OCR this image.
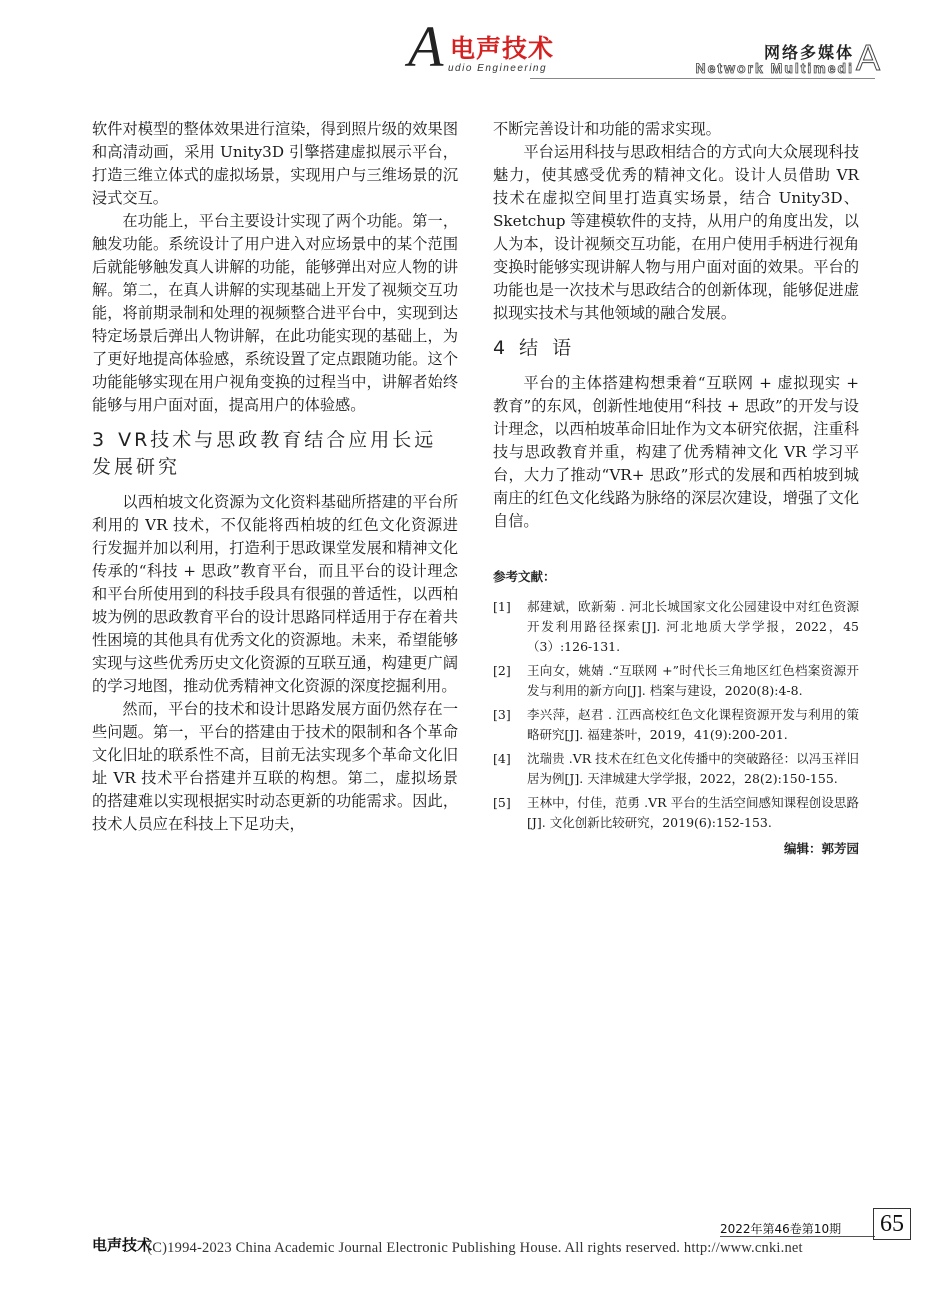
A 电声技术
udio Engineering
网络多媒体
Network Multimedi A

软件对模型的整体效果进行渲染，得到照片级的效果图和高清动画，采用 Unity3D 引擎搭建虚拟展示平台，打造三维立体式的虚拟场景，实现用户与三维场景的沉浸式交互。

在功能上，平台主要设计实现了两个功能。第一，触发功能。系统设计了用户进入对应场景中的某个范围后就能够触发真人讲解的功能，能够弹出对应人物的讲解。第二，在真人讲解的实现基础上开发了视频交互功能，将前期录制和处理的视频整合进平台中，实现到达特定场景后弹出人物讲解，在此功能实现的基础上，为了更好地提高体验感，系统设置了定点跟随功能。这个功能能够实现在用户视角变换的过程当中，讲解者始终能够与用户面对面，提高用户的体验感。

3 VR技术与思政教育结合应用长远发展研究

以西柏坡文化资源为文化资料基础所搭建的平台所利用的 VR 技术，不仅能将西柏坡的红色文化资源进行发掘并加以利用，打造利于思政课堂发展和精神文化传承的“科技 + 思政”教育平台，而且平台的设计理念和平台所使用到的科技手段具有很强的普适性，以西柏坡为例的思政教育平台的设计思路同样适用于存在着共性困境的其他具有优秀文化的资源地。未来，希望能够实现与这些优秀历史文化资源的互联互通，构建更广阔的学习地图，推动优秀精神文化资源的深度挖掘利用。

然而，平台的技术和设计思路发展方面仍然存在一些问题。第一，平台的搭建由于技术的限制和各个革命文化旧址的联系性不高，目前无法实现多个革命文化旧址 VR 技术平台搭建并互联的构想。第二，虚拟场景的搭建难以实现根据实时动态更新的功能需求。因此，技术人员应在科技上下足功夫，

不断完善设计和功能的需求实现。

平台运用科技与思政相结合的方式向大众展现科技魅力，使其感受优秀的精神文化。设计人员借助 VR 技术在虚拟空间里打造真实场景，结合 Unity3D、Sketchup 等建模软件的支持，从用户的角度出发，以人为本，设计视频交互功能，在用户使用手柄进行视角变换时能够实现讲解人物与用户面对面的效果。平台的功能也是一次技术与思政结合的创新体现，能够促进虚拟现实技术与其他领域的融合发展。

4 结语

平台的主体搭建构想秉着“互联网 + 虚拟现实 + 教育”的东风，创新性地使用“科技 + 思政”的开发与设计理念，以西柏坡革命旧址作为文本研究依据，注重科技与思政教育并重，构建了优秀精神文化 VR 学习平台，大力了推动“VR+ 思政”形式的发展和西柏坡到城南庄的红色文化线路为脉络的深层次建设，增强了文化自信。

参考文献：
[1]	郝建斌，欧新菊 . 河北长城国家文化公园建设中对红色资源开发利用路径探索[J]. 河北地质大学学报，2022，45（3）:126-131.
[2]	王向女，姚婧 .“互联网 +”时代长三角地区红色档案资源开发与利用的新方向[J]. 档案与建设，2020(8):4-8.
[3]	李兴萍，赵君 . 江西高校红色文化课程资源开发与利用的策略研究[J]. 福建茶叶，2019，41(9):200-201.
[4]	沈瑞贵 .VR 技术在红色文化传播中的突破路径：以冯玉祥旧居为例[J]. 天津城建大学学报，2022，28(2):150-155.
[5]	王林中，付佳，范勇 .VR 平台的生活空间感知课程创设思路[J]. 文化创新比较研究，2019(6):152-153.
编辑：郭芳园
电声技术
2022年第46卷第10期 65
(C)1994-2023 China Academic Journal Electronic Publishing House. All rights reserved. http://www.cnki.net
